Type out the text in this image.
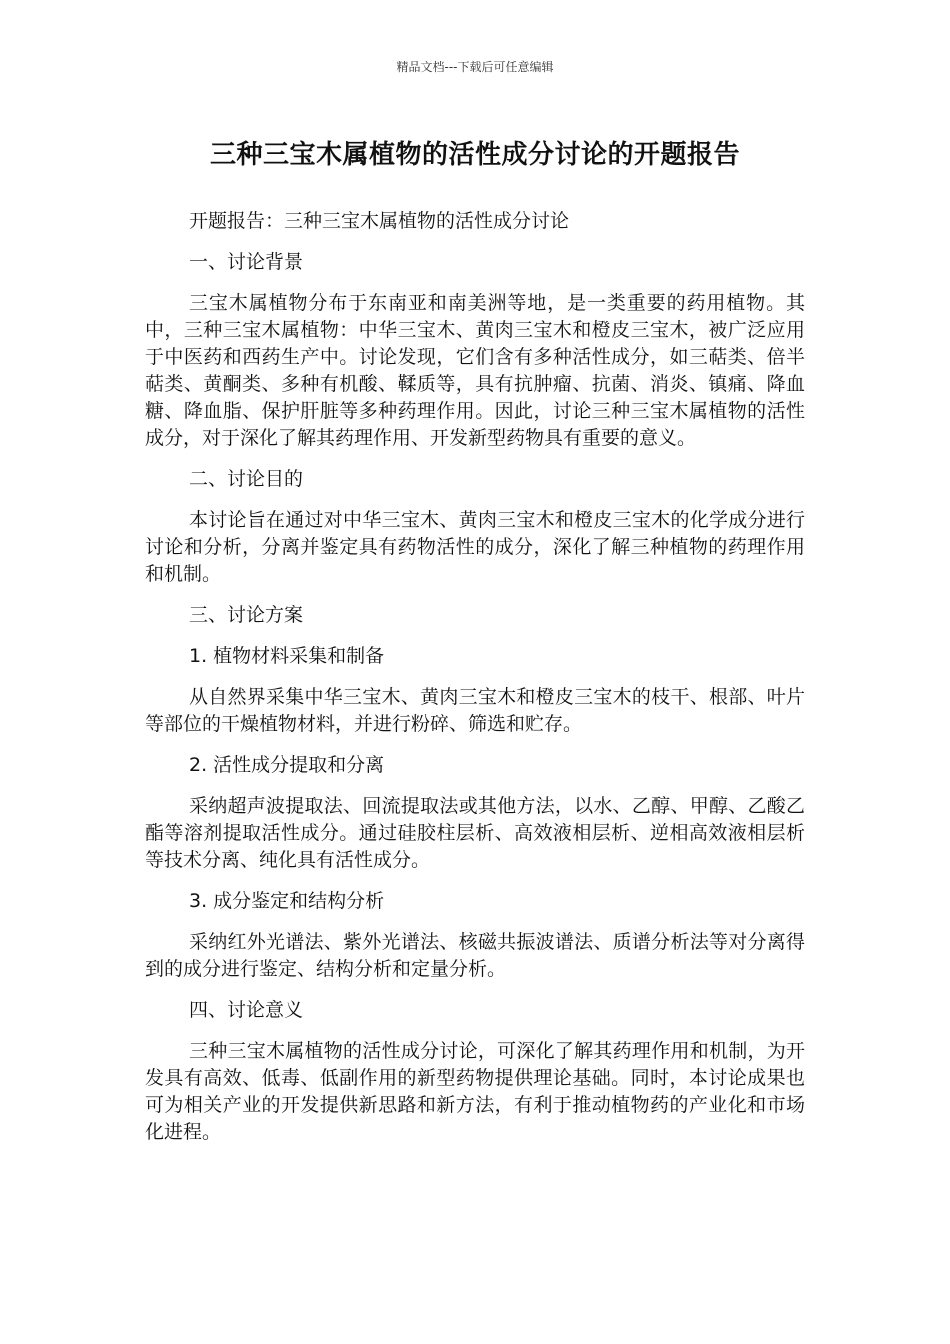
精品文档---下载后可任意编辑
三种三宝木属植物的活性成分讨论的开题报告
开题报告：三种三宝木属植物的活性成分讨论
一、讨论背景
三宝木属植物分布于东南亚和南美洲等地，是一类重要的药用植物。其中，三种三宝木属植物：中华三宝木、黄肉三宝木和橙皮三宝木，被广泛应用于中医药和西药生产中。讨论发现，它们含有多种活性成分，如三萜类、倍半萜类、黄酮类、多种有机酸、鞣质等，具有抗肿瘤、抗菌、消炎、镇痛、降血糖、降血脂、保护肝脏等多种药理作用。因此，讨论三种三宝木属植物的活性成分，对于深化了解其药理作用、开发新型药物具有重要的意义。
二、讨论目的
本讨论旨在通过对中华三宝木、黄肉三宝木和橙皮三宝木的化学成分进行讨论和分析，分离并鉴定具有药物活性的成分，深化了解三种植物的药理作用和机制。
三、讨论方案
1. 植物材料采集和制备
从自然界采集中华三宝木、黄肉三宝木和橙皮三宝木的枝干、根部、叶片等部位的干燥植物材料，并进行粉碎、筛选和贮存。
2. 活性成分提取和分离
采纳超声波提取法、回流提取法或其他方法，以水、乙醇、甲醇、乙酸乙酯等溶剂提取活性成分。通过硅胶柱层析、高效液相层析、逆相高效液相层析等技术分离、纯化具有活性成分。
3. 成分鉴定和结构分析
采纳红外光谱法、紫外光谱法、核磁共振波谱法、质谱分析法等对分离得到的成分进行鉴定、结构分析和定量分析。
四、讨论意义
三种三宝木属植物的活性成分讨论，可深化了解其药理作用和机制，为开发具有高效、低毒、低副作用的新型药物提供理论基础。同时，本讨论成果也可为相关产业的开发提供新思路和新方法，有利于推动植物药的产业化和市场化进程。
